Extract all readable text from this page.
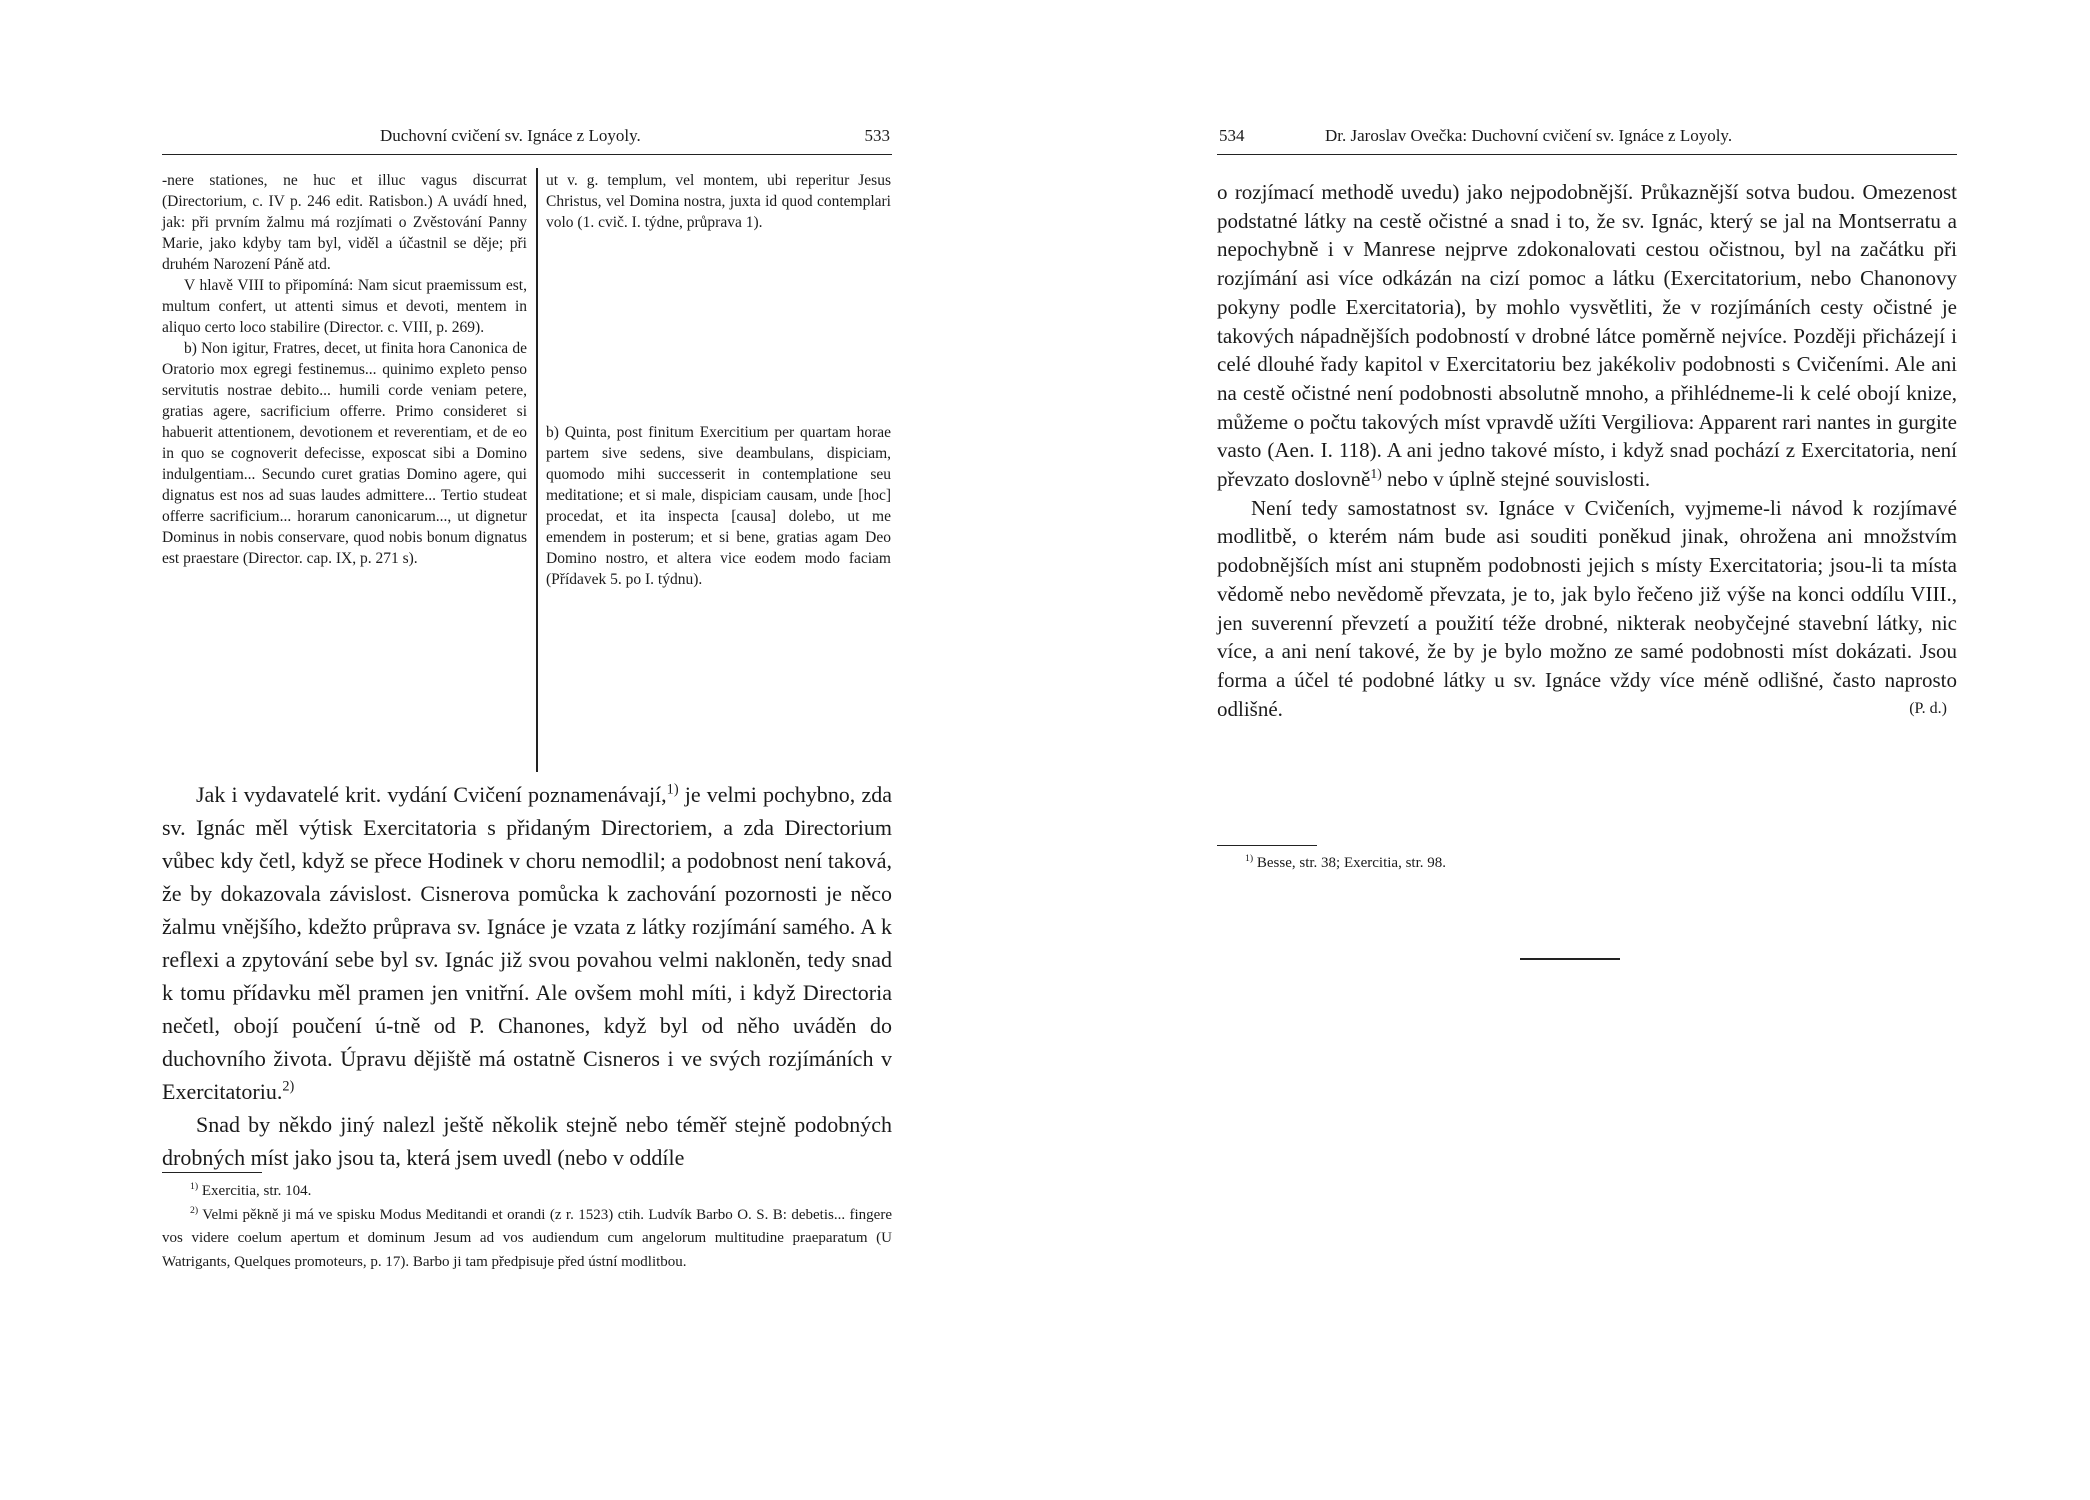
Duchovní cvičení sv. Ignáce z Loyoly.	533

-nere stationes, ne huc et illuc vagus discurrat (Directorium, c. IV p. 246 edit. Ratisbon.) A uvádí hned, jak: při prvním žalmu má rozjímati o Zvěstování Panny Marie, jako kdyby tam byl, viděl a účastnil se děje; při druhém Narození Páně atd.

V hlavě VIII to připomíná: Nam sicut praemissum est, multum confert, ut attenti simus et devoti, mentem in aliquo certo loco stabilire (Director. c. VIII, p. 269).

b) Non igitur, Fratres, decet, ut finita hora Canonica de Oratorio mox egregi festinemus... quinimo expleto penso servitutis nostrae debito... humili corde veniam petere, gratias agere, sacrificium offerre. Primo consideret si habuerit attentionem, devotionem et reverentiam, et de eo in quo se cognoverit defecisse, exposcat sibi a Domino indulgentiam... Secundo curet gratias Domino agere, qui dignatus est nos ad suas laudes admittere... Tertio studeat offerre sacrificium... horarum canonicarum..., ut dignetur Dominus in nobis conservare, quod nobis bonum dignatus est praestare (Director. cap. IX, p. 271 s).

ut v. g. templum, vel montem, ubi reperitur Jesus Christus, vel Domina nostra, juxta id quod contemplari volo (1. cvič. I. týdne, průprava 1).

b) Quinta, post finitum Exercitium per quartam horae partem sive sedens, sive deambulans, dispiciam, quomodo mihi successerit in contemplatione seu meditatione; et si male, dispiciam causam, unde [hoc] procedat, et ita inspecta [causa] dolebo, ut me emendem in posterum; et si bene, gratias agam Deo Domino nostro, et altera vice eodem modo faciam (Přídavek 5. po I. týdnu).

Jak i vydavatelé krit. vydání Cvičení poznamenávají,$^{1)}$ je velmi pochybno, zda sv. Ignác měl výtisk Exercitatoria s přidaným Directoriem, a zda Directorium vůbec kdy četl, když se přece Hodinek v choru nemodlil; a podobnost není taková, že by dokazovala závislost. Cisnerova pomůcka k zachování pozornosti je něco žalmu vnějšího, kdežto průprava sv. Ignáce je vzata z látky rozjímání samého. A k reflexi a zpytování sebe byl sv. Ignác již svou povahou velmi nakloněn, tedy snad k tomu přídavku měl pramen jen vnitřní. Ale ovšem mohl míti, i když Directoria nečetl, obojí poučení ú-tně od P. Chanones, když byl od něho uváděn do duchovního života. Úpravu dějiště má ostatně Cisneros i ve svých rozjímáních v Exercitatoriu.$^{2)}$

Snad by někdo jiný nalezl ještě několik stejně nebo téměř stejně podobných drobných míst jako jsou ta, která jsem uvedl (nebo v oddíle

$^{1)}$ Exercitia, str. 104.

$^{2)}$ Velmi pěkně ji má ve spisku Modus Meditandi et orandi (z r. 1523) ctih. Ludvík Barbo O. S. B: debetis... fingere vos videre coelum apertum et dominum Jesum ad vos audiendum cum angelorum multitudine praeparatum (U Watrigants, Quelques promoteurs, p. 17). Barbo ji tam předpisuje před ústní modlitbou.

534	Dr. Jaroslav Ovečka: Duchovní cvičení sv. Ignáce z Loyoly.

o rozjímací methodě uvedu) jako nejpodobnější. Průkaznější sotva budou. Omezenost podstatné látky na cestě očistné a snad i to, že sv. Ignác, který se jal na Montserratu a nepochybně i v Manrese nejprve zdokonalovati cestou očistnou, byl na začátku při rozjímání asi více odkázán na cizí pomoc a látku (Exercitatorium, nebo Chanonovy pokyny podle Exercitatoria), by mohlo vysvětliti, že v rozjímáních cesty očistné je takových nápadnějších podobností v drobné látce poměrně nejvíce. Později přicházejí i celé dlouhé řady kapitol v Exercitatoriu bez jakékoliv podobnosti s Cvičeními. Ale ani na cestě očistné není podobnosti absolutně mnoho, a přihlédneme-li k celé obojí knize, můžeme o počtu takových míst vpravdě užíti Vergiliova: Apparent rari nantes in gurgite vasto (Aen. I. 118). A ani jedno takové místo, i když snad pochází z Exercitatoria, není převzato doslovně$^{1)}$ nebo v úplně stejné souvislosti.

Není tedy samostatnost sv. Ignáce v Cvičeních, vyjmeme-li návod k rozjímavé modlitbě, o kterém nám bude asi souditi poněkud jinak, ohrožena ani množstvím podobnějších míst ani stupněm podobnosti jejich s místy Exercitatoria; jsou-li ta místa vědomě nebo nevědomě převzata, je to, jak bylo řečeno již výše na konci oddílu VIII., jen suverenní převzetí a použití téže drobné, nikterak neobyčejné stavební látky, nic více, a ani není takové, že by je bylo možno ze samé podobnosti míst dokázati. Jsou forma a účel té podobné látky u sv. Ignáce vždy více méně odlišné, často naprosto odlišné.	(P. d.)

$^{1)}$ Besse, str. 38; Exercitia, str. 98.
